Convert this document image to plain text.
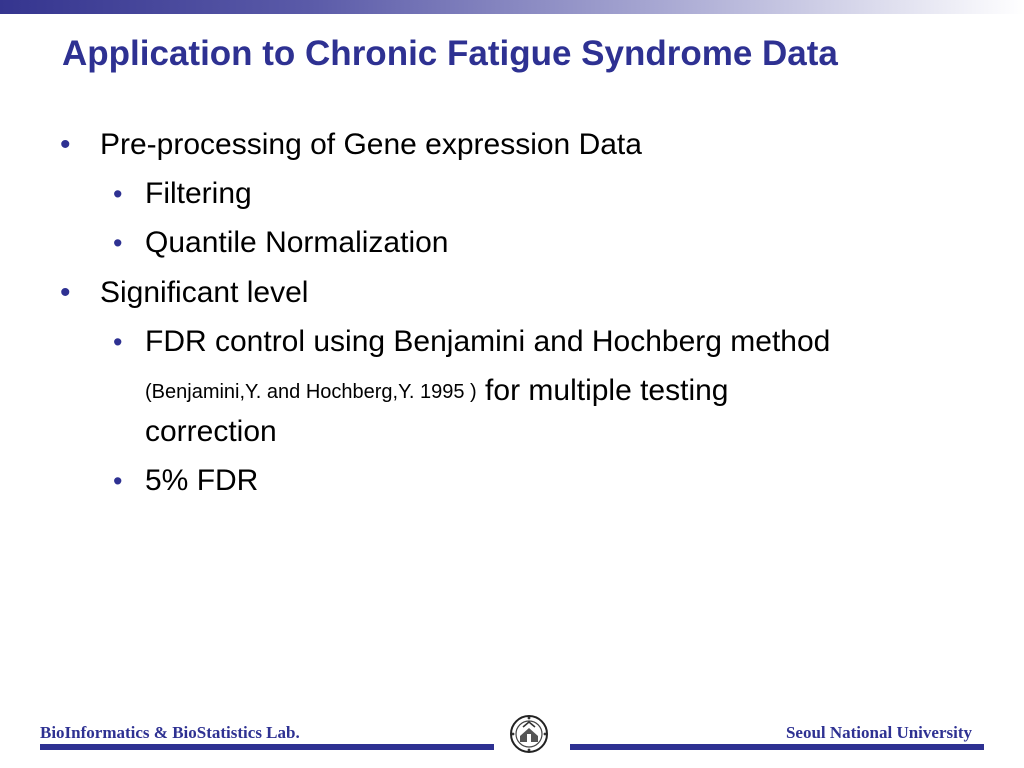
Application to Chronic Fatigue Syndrome Data
• Pre-processing of Gene expression Data
• Filtering
• Quantile Normalization
• Significant level
• FDR control using Benjamini and Hochberg method
(Benjamini,Y. and Hochberg,Y. 1995 ) for multiple testing
correction
• 5% FDR
BioInformatics & BioStatistics Lab.	Seoul National University
